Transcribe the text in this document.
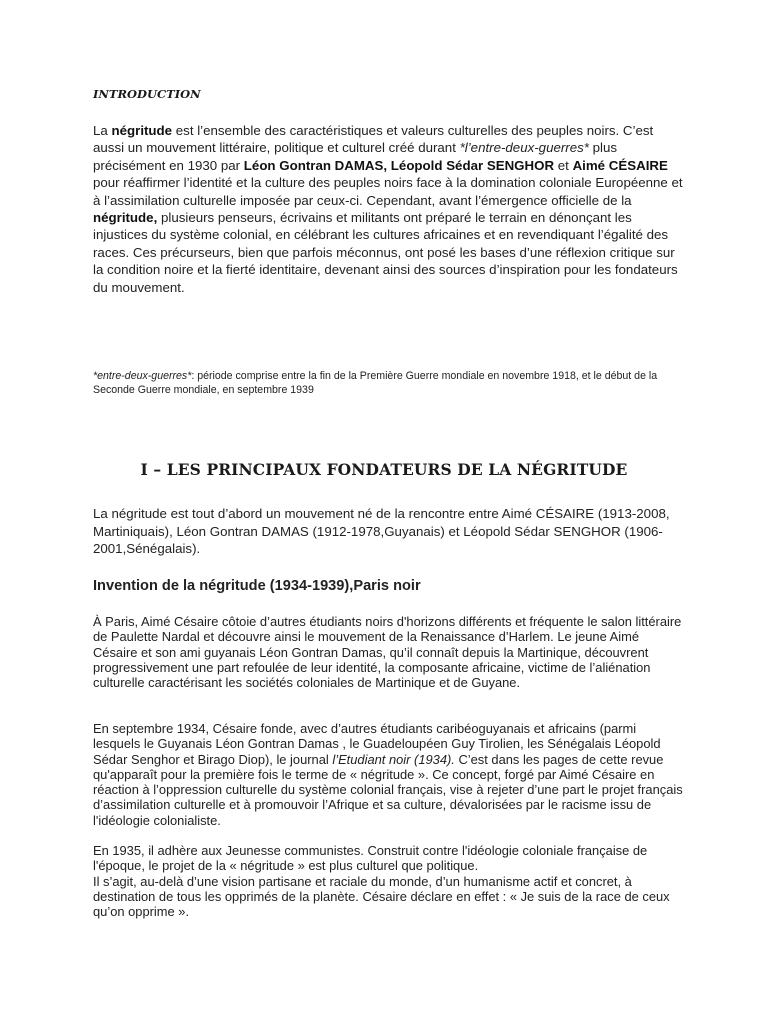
INTRODUCTION

La négritude est l’ensemble des caractéristiques et valeurs culturelles des peuples noirs. C’est aussi un mouvement littéraire, politique et culturel créé durant *l’entre-deux-guerres* plus précisément en 1930 par Léon Gontran DAMAS, Léopold Sédar SENGHOR et Aimé CÉSAIRE pour réaffirmer l’identité et la culture des peuples noirs face à la domination coloniale Européenne et à l’assimilation culturelle imposée par ceux-ci. Cependant, avant l’émergence officielle de la négritude, plusieurs penseurs, écrivains et militants ont préparé le terrain en dénonçant les injustices du système colonial, en célébrant les cultures africaines et en revendiquant l’égalité des races. Ces précurseurs, bien que parfois méconnus, ont posé les bases d’une réflexion critique sur la condition noire et la fierté identitaire, devenant ainsi des sources d’inspiration pour les fondateurs du mouvement.

*entre-deux-guerres*: période comprise entre la fin de la Première Guerre mondiale en novembre 1918, et le début de la Seconde Guerre mondiale, en septembre 1939

I – LES PRINCIPAUX FONDATEURS DE LA NÉGRITUDE

La négritude est tout d’abord un mouvement né de la rencontre entre Aimé CÉSAIRE (1913-2008, Martiniquais), Léon Gontran DAMAS (1912-1978,Guyanais) et Léopold Sédar SENGHOR (1906-2001,Sénégalais).

Invention de la négritude (1934-1939),Paris noir

À Paris, Aimé Césaire côtoie d’autres étudiants noirs d'horizons différents et fréquente le salon littéraire de Paulette Nardal et découvre ainsi le mouvement de la Renaissance d’Harlem. Le jeune Aimé Césaire et son ami guyanais Léon Gontran Damas, qu’il connaît depuis la Martinique, découvrent progressivement une part refoulée de leur identité, la composante africaine, victime de l’aliénation culturelle caractérisant les sociétés coloniales de Martinique et de Guyane.

En septembre 1934, Césaire fonde, avec d’autres étudiants caribéoguyanais et africains (parmi lesquels le Guyanais Léon Gontran Damas , le Guadeloupéen Guy Tirolien, les Sénégalais Léopold Sédar Senghor et Birago Diop), le journal l’Etudiant noir (1934). C’est dans les pages de cette revue qu'apparaît pour la première fois le terme de « négritude ». Ce concept, forgé par Aimé Césaire en réaction à l’oppression culturelle du système colonial français, vise à rejeter d’une part le projet français d’assimilation culturelle et à promouvoir l’Afrique et sa culture, dévalorisées par le racisme issu de l'idéologie colonialiste.

En 1935, il adhère aux Jeunesse communistes. Construit contre l'idéologie coloniale française de l'époque, le projet de la « négritude » est plus culturel que politique.
Il s’agit, au-delà d’une vision partisane et raciale du monde, d’un humanisme actif et concret, à destination de tous les opprimés de la planète. Césaire déclare en effet : « Je suis de la race de ceux qu’on opprime ».
